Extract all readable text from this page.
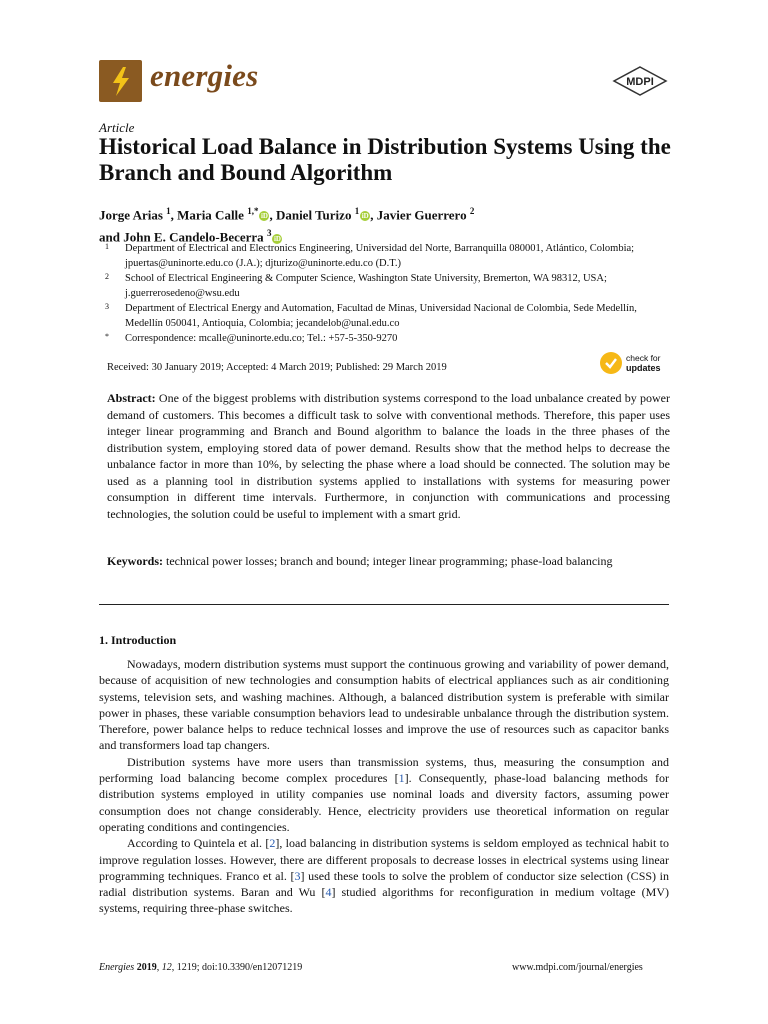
energies	MDPI
Article
Historical Load Balance in Distribution Systems Using the Branch and Bound Algorithm
Jorge Arias $^1$, Maria Calle $^{1,*}$iD , Daniel Turizo $^1$iD , Javier Guerrero $^2$
and John E. Candelo-Becerra $^3$iD
1 Department of Electrical and Electronics Engineering, Universidad del Norte, Barranquilla 080001, Atlántico, Colombia; jpuertas@uninorte.edu.co (J.A.); djturizo@uninorte.edu.co (D.T.)
2 School of Electrical Engineering & Computer Science, Washington State University, Bremerton, WA 98312, USA; j.guerrerosedeno@wsu.edu
3 Department of Electrical Energy and Automation, Facultad de Minas, Universidad Nacional de Colombia, Sede Medellín, Medellín 050041, Antioquia, Colombia; jecandelob@unal.edu.co
* Correspondence: mcalle@uninorte.edu.co; Tel.: +57-5-350-9270
Received: 30 January 2019; Accepted: 4 March 2019; Published: 29 March 2019
check for
updates
Abstract: One of the biggest problems with distribution systems correspond to the load unbalance created by power demand of customers. This becomes a difficult task to solve with conventional methods. Therefore, this paper uses integer linear programming and Branch and Bound algorithm to balance the loads in the three phases of the distribution system, employing stored data of power demand. Results show that the method helps to decrease the unbalance factor in more than 10%, by selecting the phase where a load should be connected. The solution may be used as a planning tool in distribution systems applied to installations with systems for measuring power consumption in different time intervals. Furthermore, in conjunction with communications and processing technologies, the solution could be useful to implement with a smart grid.
Keywords: technical power losses; branch and bound; integer linear programming; phase-load balancing
1. Introduction

Nowadays, modern distribution systems must support the continuous growing and variability of power demand, because of acquisition of new technologies and consumption habits of electrical appliances such as air conditioning systems, television sets, and washing machines. Although, a balanced distribution system is preferable with similar power in phases, these variable consumption behaviors lead to undesirable unbalance through the distribution system. Therefore, power balance helps to reduce technical losses and improve the use of resources such as capacitor banks and transformers load tap changers.

Distribution systems have more users than transmission systems, thus, measuring the consumption and performing load balancing become complex procedures [1]. Consequently, phase-load balancing methods for distribution systems employed in utility companies use nominal loads and diversity factors, assuming power consumption does not change considerably. Hence, electricity providers use theoretical information on regular operating conditions and contingencies.

According to Quintela et al. [2], load balancing in distribution systems is seldom employed as technical habit to improve regulation losses. However, there are different proposals to decrease losses in electrical systems using linear programming techniques. Franco et al. [3] used these tools to solve the problem of conductor size selection (CSS) in radial distribution systems. Baran and Wu [4] studied algorithms for reconfiguration in medium voltage (MV) systems, requiring three-phase switches.

Energies 2019, 12, 1219; doi:10.3390/en12071219	www.mdpi.com/journal/energies
